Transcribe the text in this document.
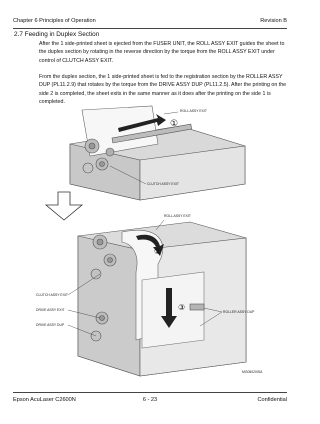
Chapter 6 Principles of Operation	Revision B
2.7 Feeding in Duplex Section
After the 1 side-printed sheet is ejected from the FUSER UNIT, the ROLL ASSY EXIT guides the sheet to the duplex section by rotating in the reverse direction by the torque from the ROLL ASSY EXIT under control of CLUTCH ASSY EXIT.
From the duplex section, the 1 side-printed sheet is fed to the registration section by the ROLLER ASSY DUP (PL11.2.9) that rotates by the torque from the DRIVE ASSY DUP (PL11.2.5). After the printing on the side 2 is completed, the sheet exits in the same manner as it does after the printing on the side 1 is completed.
①
②
③
ROLL ASSY EXIT
CLUTCH ASSY EXIT
ROLL ASSY EXIT
CLUTCH ASSY EXIT
DRIVE ASSY EXIT
DRIVE ASSY DUP
ROLLER ASSY DUP
MG06020ISA
Epson AcuLaser C2600N	6 - 23	Confidential
